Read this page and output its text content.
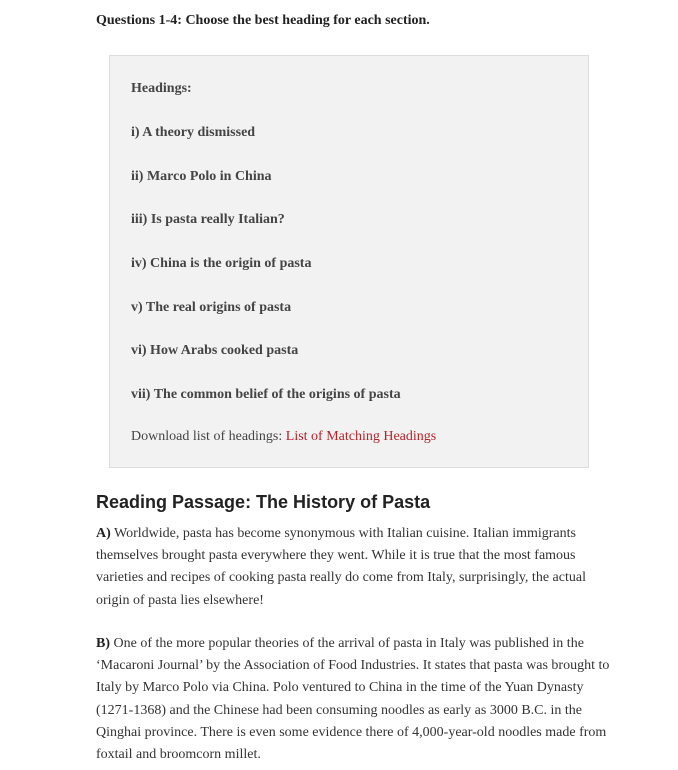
Questions 1-4: Choose the best heading for each section.
Headings:
i) A theory dismissed
ii) Marco Polo in China
iii) Is pasta really Italian?
iv) China is the origin of pasta
v) The real origins of pasta
vi) How Arabs cooked pasta
vii) The common belief of the origins of pasta
Download list of headings: List of Matching Headings
Reading Passage: The History of Pasta
A) Worldwide, pasta has become synonymous with Italian cuisine. Italian immigrants themselves brought pasta everywhere they went. While it is true that the most famous varieties and recipes of cooking pasta really do come from Italy, surprisingly, the actual origin of pasta lies elsewhere!
B) One of the more popular theories of the arrival of pasta in Italy was published in the ‘Macaroni Journal’ by the Association of Food Industries. It states that pasta was brought to Italy by Marco Polo via China. Polo ventured to China in the time of the Yuan Dynasty (1271-1368) and the Chinese had been consuming noodles as early as 3000 B.C. in the Qinghai province. There is even some evidence there of 4,000-year-old noodles made from foxtail and broomcorn millet.
